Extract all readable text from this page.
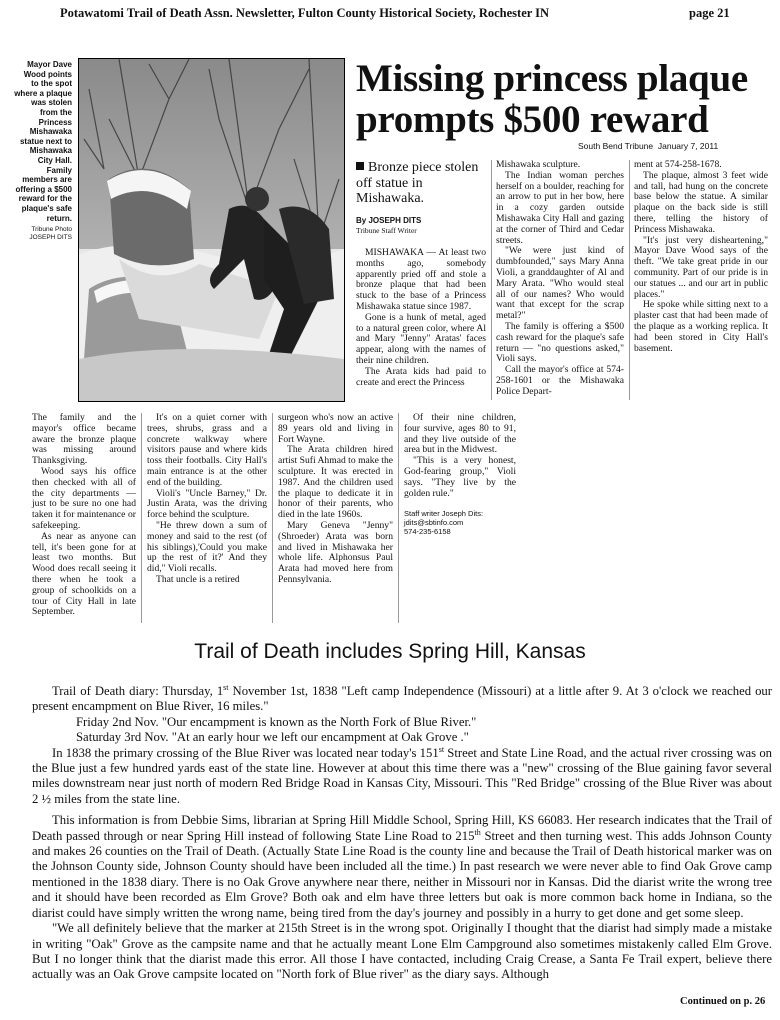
Potawatomi Trail of Death Assn. Newsletter, Fulton County Historical Society, Rochester IN	page 21
Mayor Dave Wood points to the spot where a plaque was stolen from the Princess Mishawaka statue next to Mishawaka City Hall. Family members are offering a $500 reward for the plaque's safe return.
Tribune Photo JOSEPH DITS
Missing princess plaque prompts $500 reward
South Bend Tribune January 7, 2011
Bronze piece stolen off statue in Mishawaka.
By JOSEPH DITS
Tribune Staff Writer

MISHAWAKA — At least two months ago, somebody apparently pried off and stole a bronze plaque that had been stuck to the base of a Princess Mishawaka statue since 1987.

Gone is a hunk of metal, aged to a natural green color, where Al and Mary "Jenny" Aratas' faces appear, along with the names of their nine children.

The Arata kids had paid to create and erect the Princess

Mishawaka sculpture.

The Indian woman perches herself on a boulder, reaching for an arrow to put in her bow, here in a cozy garden outside Mishawaka City Hall and gazing at the corner of Third and Cedar streets.

"We were just kind of dumbfounded," says Mary Anna Violi, a granddaughter of Al and Mary Arata. "Who would steal all of our names? Who would want that except for the scrap metal?"

The family is offering a $500 cash reward for the plaque's safe return — "no questions asked," Violi says.

Call the mayor's office at 574-258-1601 or the Mishawaka Police Depart-

ment at 574-258-1678.

The plaque, almost 3 feet wide and tall, had hung on the concrete base below the statue. A similar plaque on the back side is still there, telling the history of Princess Mishawaka.

"It's just very disheartening," Mayor Dave Wood says of the theft. "We take great pride in our community. Part of our pride is in our statues ... and our art in public places."

He spoke while sitting next to a plaster cast that had been made of the plaque as a working replica. It had been stored in City Hall's basement.

The family and the mayor's office became aware the bronze plaque was missing around Thanksgiving.

Wood says his office then checked with all of the city departments — just to be sure no one had taken it for maintenance or safekeeping.

As near as anyone can tell, it's been gone for at least two months. But Wood does recall seeing it there when he took a group of schoolkids on a tour of City Hall in late September.

It's on a quiet corner with trees, shrubs, grass and a concrete walkway where visitors pause and where kids toss their footballs. City Hall's main entrance is at the other end of the building.

Violi's "Uncle Barney," Dr. Justin Arata, was the driving force behind the sculpture.

"He threw down a sum of money and said to the rest (of his siblings),'Could you make up the rest of it?' And they did," Violi recalls.

That uncle is a retired

surgeon who's now an active 89 years old and living in Fort Wayne.

The Arata children hired artist Sufi Ahmad to make the sculpture. It was erected in 1987. And the children used the plaque to dedicate it in honor of their parents, who died in the late 1960s.

Mary Geneva "Jenny" (Shroeder) Arata was born and lived in Mishawaka her whole life. Alphonsus Paul Arata had moved here from Pennsylvania.

Of their nine children, four survive, ages 80 to 91, and they live outside of the area but in the Midwest.

"This is a very honest, God-fearing group," Violi says. "They live by the golden rule."

Staff writer Joseph Dits:
jdits@sbtinfo.com
574-235-6158
Trail of Death includes Spring Hill, Kansas

Trail of Death diary: Thursday, 1st November 1st, 1838 "Left camp Independence (Missouri) at a little after 9. At 3 o'clock we reached our present encampment on Blue River, 16 miles."

Friday 2nd Nov. "Our encampment is known as the North Fork of Blue River."

Saturday 3rd Nov. "At an early hour we left our encampment at Oak Grove ."

In 1838 the primary crossing of the Blue River was located near today's 151st Street and State Line Road, and the actual river crossing was on the Blue just a few hundred yards east of the state line. However at about this time there was a "new" crossing of the Blue gaining favor several miles downstream near just north of modern Red Bridge Road in Kansas City, Missouri. This "Red Bridge" crossing of the Blue River was about 2 ½ miles from the state line.

This information is from Debbie Sims, librarian at Spring Hill Middle School, Spring Hill, KS 66083. Her research indicates that the Trail of Death passed through or near Spring Hill instead of following State Line Road to 215th Street and then turning west. This adds Johnson County and makes 26 counties on the Trail of Death. (Actually State Line Road is the county line and because the Trail of Death historical marker was on the Johnson County side, Johnson County should have been included all the time.) In past research we were never able to find Oak Grove camp mentioned in the 1838 diary. There is no Oak Grove anywhere near there, neither in Missouri nor in Kansas. Did the diarist write the wrong tree and it should have been recorded as Elm Grove? Both oak and elm have three letters but oak is more common back home in Indiana, so the diarist could have simply written the wrong name, being tired from the day's journey and possibly in a hurry to get done and get some sleep.

"We all definitely believe that the marker at 215th Street is in the wrong spot. Originally I thought that the diarist had simply made a mistake in writing "Oak" Grove as the campsite name and that he actually meant Lone Elm Campground also sometimes mistakenly called Elm Grove. But I no longer think that the diarist made this error. All those I have contacted, including Craig Crease, a Santa Fe Trail expert, believe there actually was an Oak Grove campsite located on "North fork of Blue river" as the diary says. Although

Continued on p. 26
